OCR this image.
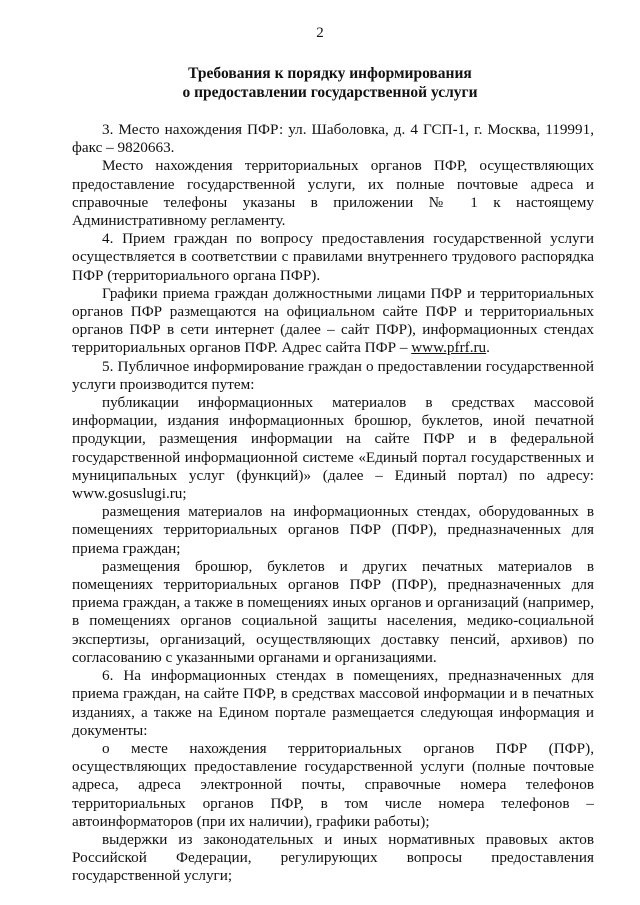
2
Требования к порядку информирования
о предоставлении государственной услуги
3. Место нахождения ПФР: ул. Шаболовка, д. 4 ГСП-1, г. Москва, 119991,
факс – 9820663.
Место нахождения территориальных органов ПФР, осуществляющих
предоставление государственной услуги, их полные почтовые адреса и
справочные телефоны указаны в приложении № 1 к настоящему
Административному регламенту.
4. Прием граждан по вопросу предоставления государственной услуги
осуществляется в соответствии с правилами внутреннего трудового распорядка
ПФР (территориального органа ПФР).
Графики приема граждан должностными лицами ПФР и территориальных
органов ПФР размещаются на официальном сайте ПФР и территориальных
органов ПФР в сети интернет (далее – сайт ПФР), информационных стендах
территориальных органов ПФР. Адрес сайта ПФР – www.pfrf.ru.
5. Публичное информирование граждан о предоставлении государственной
услуги производится путем:
публикации информационных материалов в средствах массовой
информации, издания информационных брошюр, буклетов, иной печатной
продукции, размещения информации на сайте ПФР и в федеральной
государственной информационной системе «Единый портал государственных и
муниципальных услуг (функций)» (далее – Единый портал) по адресу:
www.gosuslugi.ru;
размещения материалов на информационных стендах, оборудованных в
помещениях территориальных органов ПФР (ПФР), предназначенных для
приема граждан;
размещения брошюр, буклетов и других печатных материалов в
помещениях территориальных органов ПФР (ПФР), предназначенных для
приема граждан, а также в помещениях иных органов и организаций (например,
в помещениях органов социальной защиты населения, медико-социальной
экспертизы, организаций, осуществляющих доставку пенсий, архивов) по
согласованию с указанными органами и организациями.
6. На информационных стендах в помещениях, предназначенных для
приема граждан, на сайте ПФР, в средствах массовой информации и в печатных
изданиях, а также на Едином портале размещается следующая информация и
документы:
о месте нахождения территориальных органов ПФР (ПФР),
осуществляющих предоставление государственной услуги (полные почтовые
адреса, адреса электронной почты, справочные номера телефонов
территориальных органов ПФР, в том числе номера телефонов –
автоинформаторов (при их наличии), графики работы);
выдержки из законодательных и иных нормативных правовых актов
Российской Федерации, регулирующих вопросы предоставления
государственной услуги;
